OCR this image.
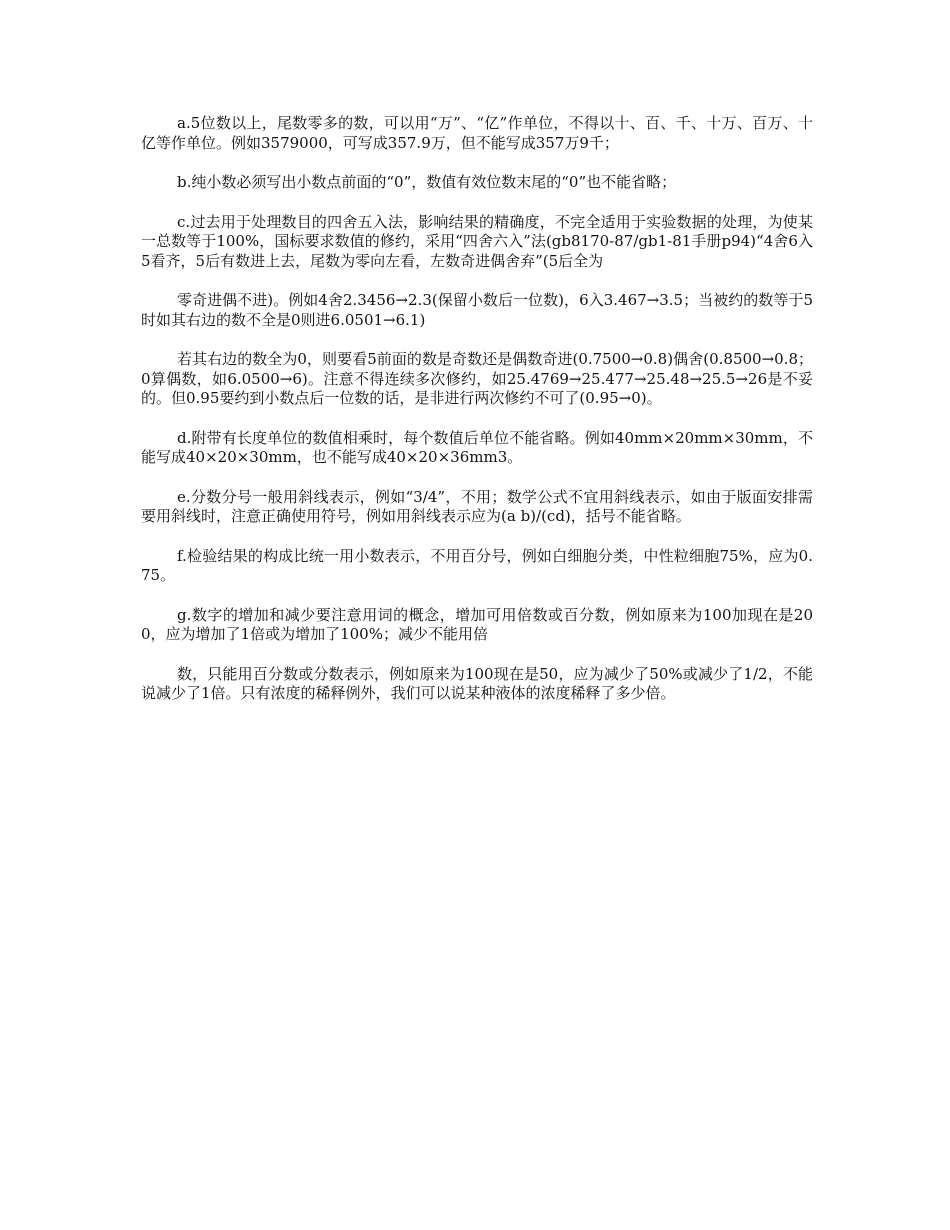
a.5位数以上，尾数零多的数，可以用“万”、“亿”作单位，不得以十、百、千、十万、百万、十亿等作单位。例如3579000，可写成357.9万，但不能写成357万9千；

b.纯小数必须写出小数点前面的“0”，数值有效位数末尾的“0”也不能省略；

c.过去用于处理数目的四舍五入法，影响结果的精确度，不完全适用于实验数据的处理，为使某一总数等于100%，国标要求数值的修约，采用“四舍六入”法(gb8170-87/gb1-81手册p94)“4舍6入5看齐，5后有数进上去，尾数为零向左看，左数奇进偶舍弃”(5后全为

零奇进偶不进)。例如4舍2.3456→2.3(保留小数后一位数)，6入3.467→3.5；当被约的数等于5时如其右边的数不全是0则进6.0501→6.1)

若其右边的数全为0，则要看5前面的数是奇数还是偶数奇进(0.7500→0.8)偶舍(0.8500→0.8；0算偶数，如6.0500→6)。注意不得连续多次修约，如25.4769→25.477→25.48→25.5→26是不妥的。但0.95要约到小数点后一位数的话，是非进行两次修约不可了(0.95→0)。

d.附带有长度单位的数值相乘时，每个数值后单位不能省略。例如40mm×20mm×30mm，不能写成40×20×30mm，也不能写成40×20×36mm3。

e.分数分号一般用斜线表示，例如“3/4”，不用；数学公式不宜用斜线表示，如由于版面安排需要用斜线时，注意正确使用符号，例如用斜线表示应为(a b)/(cd)，括号不能省略。

f.检验结果的构成比统一用小数表示，不用百分号，例如白细胞分类，中性粒细胞75%，应为0.75。

g.数字的增加和减少要注意用词的概念，增加可用倍数或百分数，例如原来为100加现在是200，应为增加了1倍或为增加了100%；减少不能用倍

数，只能用百分数或分数表示，例如原来为100现在是50，应为减少了50%或减少了1/2，不能说减少了1倍。只有浓度的稀释例外，我们可以说某种液体的浓度稀释了多少倍。
